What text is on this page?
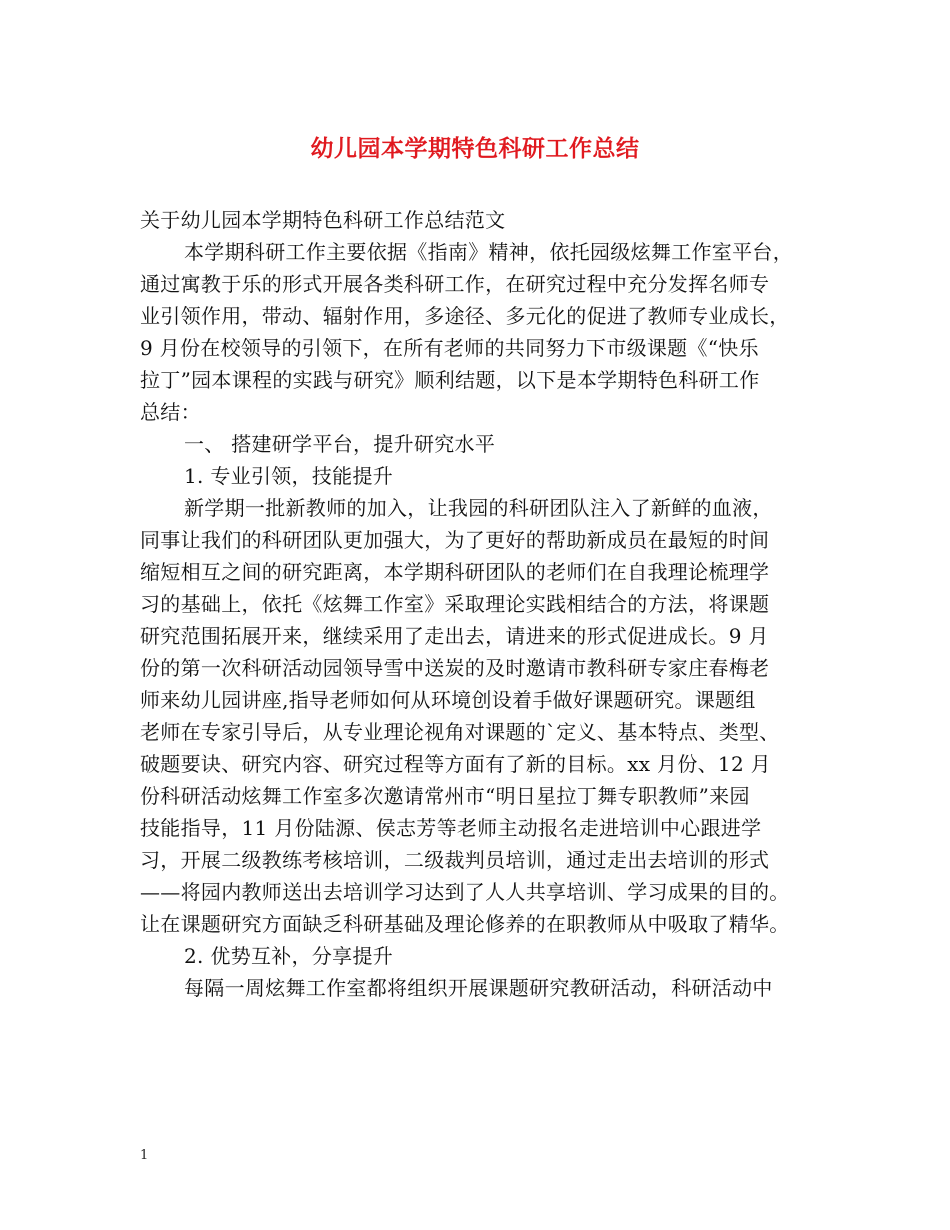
幼儿园本学期特色科研工作总结
关于幼儿园本学期特色科研工作总结范文
本学期科研工作主要依据《指南》精神，依托园级炫舞工作室平台，
通过寓教于乐的形式开展各类科研工作，在研究过程中充分发挥名师专
业引领作用，带动、辐射作用，多途径、多元化的促进了教师专业成长，
9 月份在校领导的引领下，在所有老师的共同努力下市级课题《“快乐
拉丁”园本课程的实践与研究》顺利结题，以下是本学期特色科研工作
总结：
一、 搭建研学平台，提升研究水平
1. 专业引领，技能提升
新学期一批新教师的加入，让我园的科研团队注入了新鲜的血液，
同事让我们的科研团队更加强大，为了更好的帮助新成员在最短的时间
缩短相互之间的研究距离，本学期科研团队的老师们在自我理论梳理学
习的基础上，依托《炫舞工作室》采取理论实践相结合的方法，将课题
研究范围拓展开来，继续采用了走出去，请进来的形式促进成长。9 月
份的第一次科研活动园领导雪中送炭的及时邀请市教科研专家庄春梅老
师来幼儿园讲座,指导老师如何从环境创设着手做好课题研究。课题组
老师在专家引导后，从专业理论视角对课题的`定义、基本特点、类型、
破题要诀、研究内容、研究过程等方面有了新的目标。xx 月份、12 月
份科研活动炫舞工作室多次邀请常州市“明日星拉丁舞专职教师”来园
技能指导，11 月份陆源、侯志芳等老师主动报名走进培训中心跟进学
习，开展二级教练考核培训，二级裁判员培训，通过走出去培训的形式
——将园内教师送出去培训学习达到了人人共享培训、学习成果的目的。
让在课题研究方面缺乏科研基础及理论修养的在职教师从中吸取了精华。
2. 优势互补，分享提升
每隔一周炫舞工作室都将组织开展课题研究教研活动，科研活动中
1
